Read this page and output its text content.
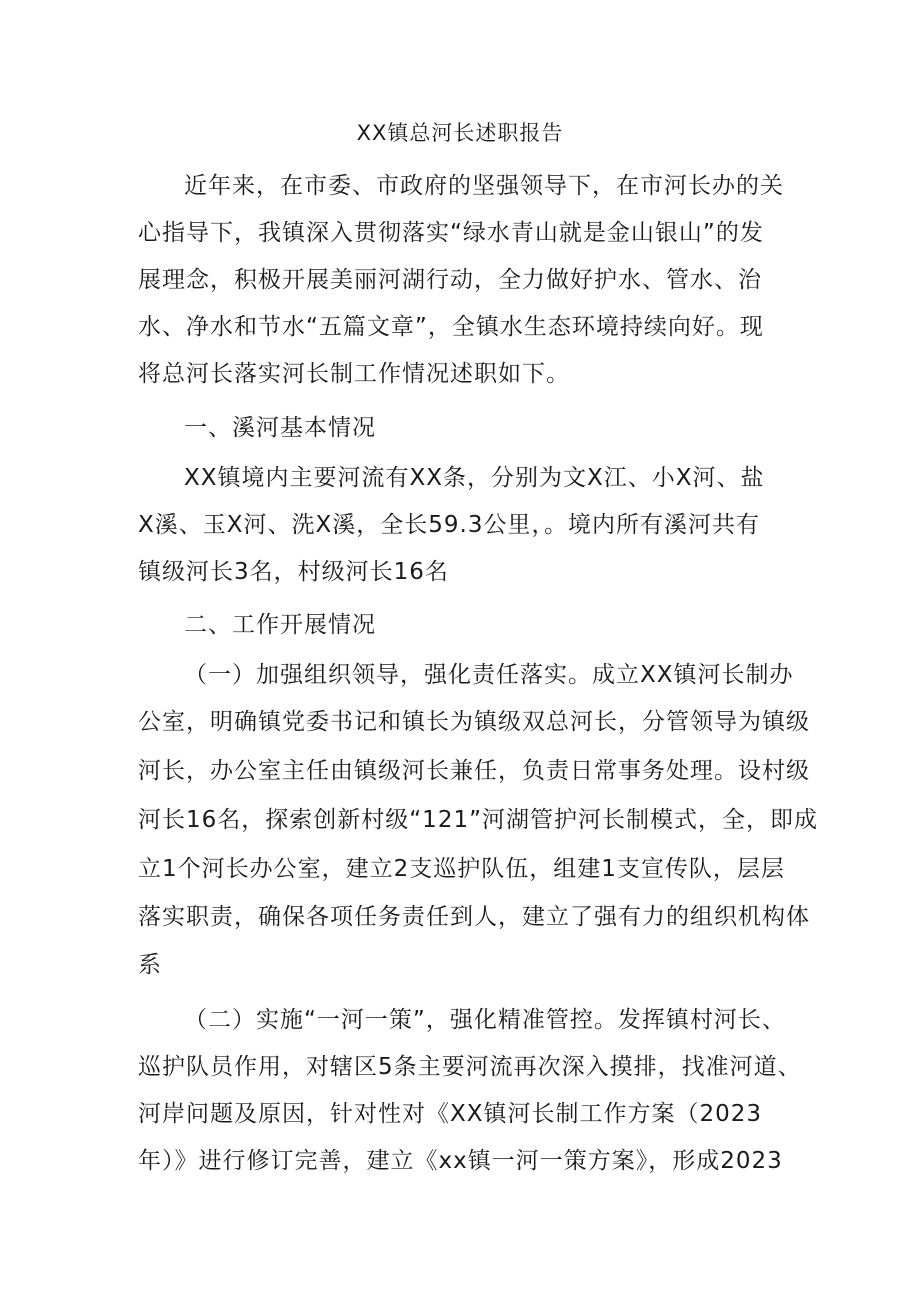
XX镇总河长述职报告
近年来，在市委、市政府的坚强领导下，在市河长办的关
心指导下，我镇深入贯彻落实“绿水青山就是金山银山”的发
展理念，积极开展美丽河湖行动，全力做好护水、管水、治
水、净水和节水“五篇文章”，全镇水生态环境持续向好。现
将总河长落实河长制工作情况述职如下。
一、溪河基本情况
XX镇境内主要河流有XX条，分别为文X江、小X河、盐
X溪、玉X河、洗X溪，全长59.3公里，。境内所有溪河共有
镇级河长3名，村级河长16名
二、工作开展情况
（一）加强组织领导，强化责任落实。成立XX镇河长制办
公室，明确镇党委书记和镇长为镇级双总河长，分管领导为镇级
河长，办公室主任由镇级河长兼任，负责日常事务处理。设村级
河长16名，探索创新村级“121”河湖管护河长制模式，全，即成
立1个河长办公室，建立2支巡护队伍，组建1支宣传队，层层
落实职责，确保各项任务责任到人，建立了强有力的组织机构体
系
（二）实施“一河一策”，强化精准管控。发挥镇村河长、
巡护队员作用，对辖区5条主要河流再次深入摸排，找准河道、
河岸问题及原因，针对性对《XX镇河长制工作方案（2023
年）》进行修订完善，建立《xx镇一河一策方案》，形成2023
